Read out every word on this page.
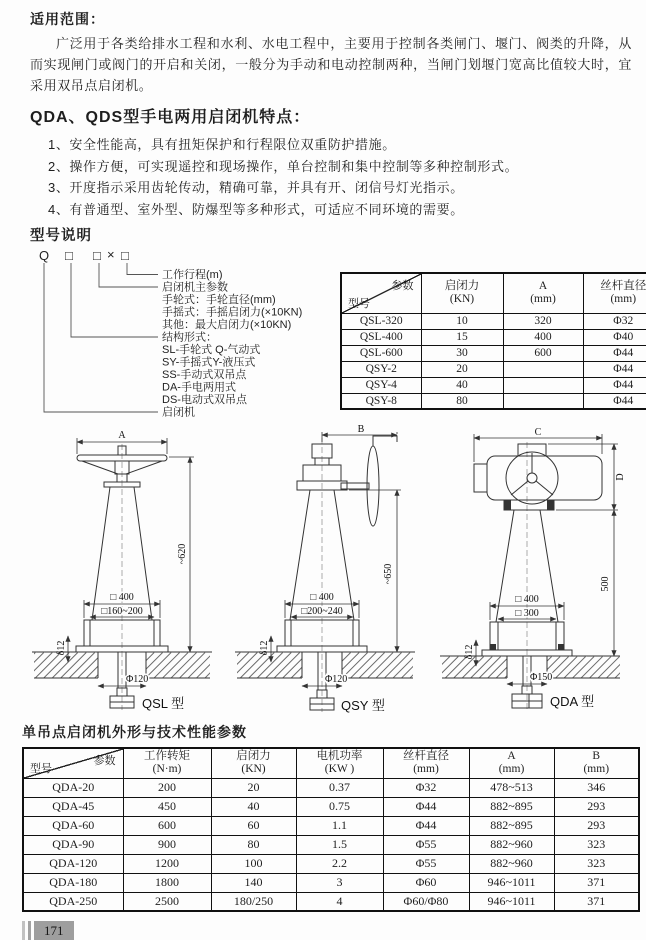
适用范围：
广泛用于各类给排水工程和水利、水电工程中，主要用于控制各类闸门、堰门、阀类的升降，从而实现闸门或阀门的开启和关闭，一般分为手动和电动控制两种，当闸门划堰门宽高比值较大时，宜采用双吊点启闭机。
QDA、QDS型手电两用启闭机特点：
1、安全性能高，具有扭矩保护和行程限位双重防护措施。
2、操作方便，可实现遥控和现场操作，单台控制和集中控制等多种控制形式。
3、开度指示采用齿轮传动，精确可靠，并具有开、闭信号灯光指示。
4、有普通型、室外型、防爆型等多种形式，可适应不同环境的需要。
型号说明
Q □ □ × □
工作行程(m)
启闭机主参数
手轮式：手轮直径(mm)
手摇式：手摇启闭力(×10KN)
其他：最大启闭力(×10KN)
结构形式：
SL-手轮式 Q-气动式
SY-手摇式Y-液压式
SS-手动式双吊点
DA-手电两用式
DS-电动式双吊点
启闭机
参数
型号

启闭力
(KN)

A
(mm)

丝杆直径
(mm)

QSL-320	10	320	Φ32
QSL-400	15	400	Φ40
QSL-600	30	600	Φ44
QSY-2	20		Φ44
QSY-4	40		Φ44
QSY-8	80		Φ44
A
~620
□ 400
□160~200
δ12
Φ120
QSL 型
B
~650
□ 400
□200~240
δ12
Φ120
QSY 型
C
D
500
□ 400
□ 300
δ12
Φ150
QDA 型
单吊点启闭机外形与技术性能参数
参数
型号

工作转矩
(N·m)

启闭力
(KN)

电机功率
(KW )

丝杆直径
(mm)

A
(mm)

B
(mm)

QDA-20	200	20	0.37	Φ32	478~513	346
QDA-45	450	40	0.75	Φ44	882~895	293
QDA-60	600	60	1.1	Φ44	882~895	293
QDA-90	900	80	1.5	Φ55	882~960	323
QDA-120	1200	100	2.2	Φ55	882~960	323
QDA-180	1800	140	3	Φ60	946~1011	371
QDA-250	2500	180/250	4	Φ60/Φ80	946~1011	371
171
